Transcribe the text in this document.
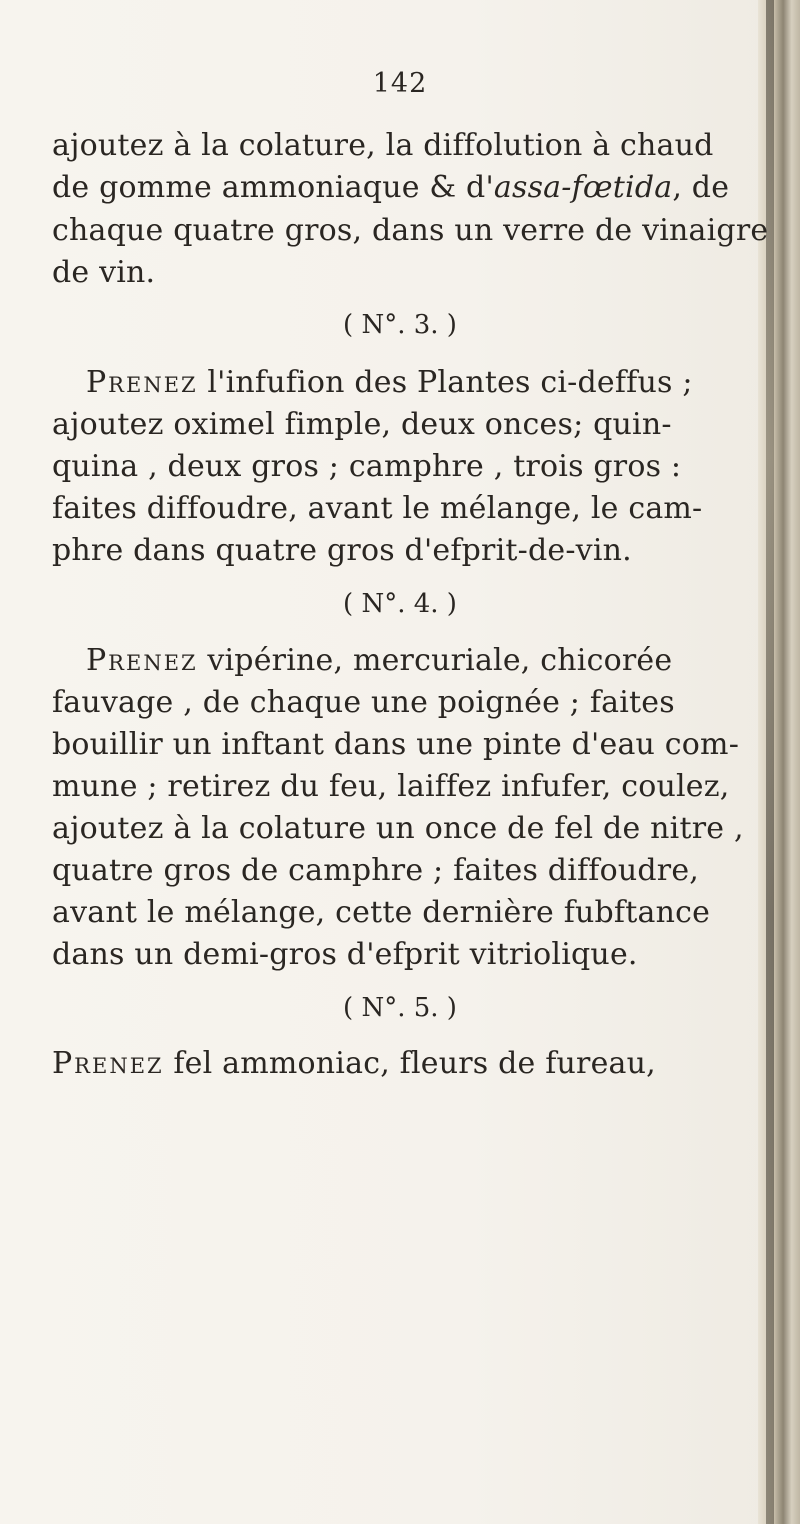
142
ajoutez à la colature, la diffolution à chaud
de gomme ammoniaque & d'assa-fœtida, de
chaque quatre gros, dans un verre de vinaigre
de vin.
( N°. 3. )
Prenez l'infufion des Plantes ci-deffus ;
ajoutez oximel fimple, deux onces; quin-
quina , deux gros ; camphre , trois gros :
faites diffoudre, avant le mélange, le cam-
phre dans quatre gros d'efprit-de-vin.
( N°. 4. )
Prenez vipérine, mercuriale, chicorée
fauvage , de chaque une poignée ; faites
bouillir un inftant dans une pinte d'eau com-
mune ; retirez du feu, laiffez infufer, coulez,
ajoutez à la colature un once de fel de nitre ,
quatre gros de camphre ; faites diffoudre,
avant le mélange, cette dernière fubftance
dans un demi-gros d'efprit vitriolique.
( N°. 5. )
Prenez fel ammoniac, fleurs de fureau,
